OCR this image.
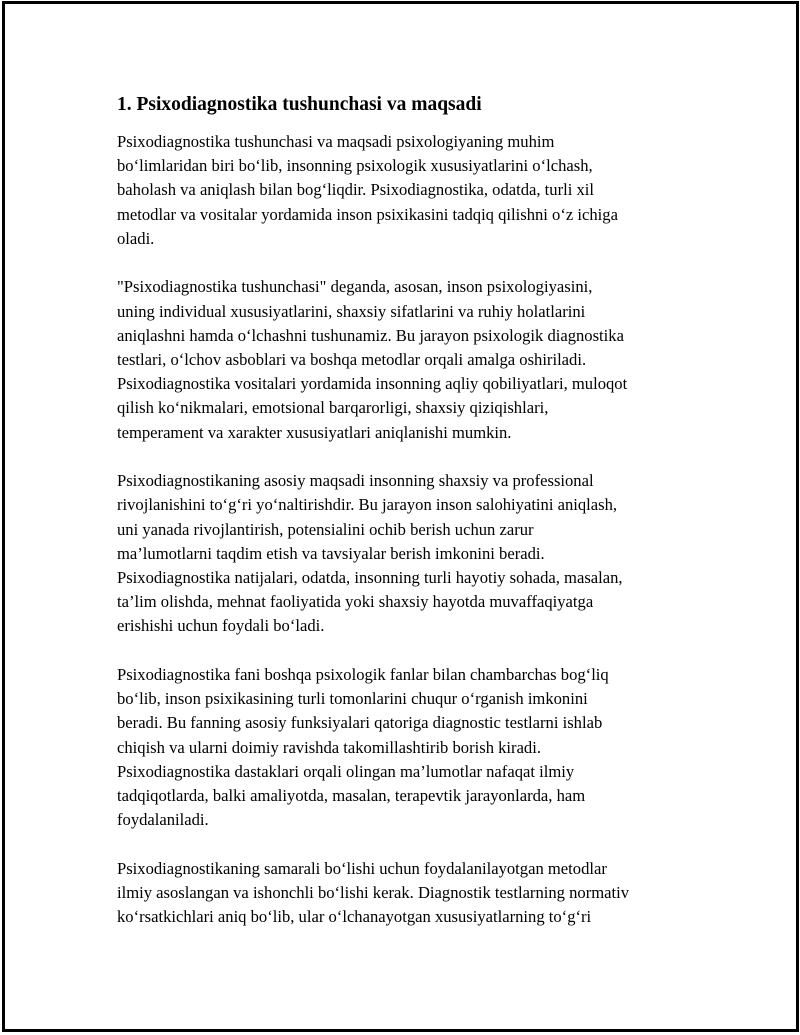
1. Psixodiagnostika tushunchasi va maqsadi
Psixodiagnostika tushunchasi va maqsadi psixologiyaning muhim
bo‘limlaridan biri bo‘lib, insonning psixologik xususiyatlarini o‘lchash,
baholash va aniqlash bilan bog‘liqdir. Psixodiagnostika, odatda, turli xil
metodlar va vositalar yordamida inson psixikasini tadqiq qilishni o‘z ichiga
oladi.
"Psixodiagnostika tushunchasi" deganda, asosan, inson psixologiyasini,
uning individual xususiyatlarini, shaxsiy sifatlarini va ruhiy holatlarini
aniqlashni hamda o‘lchashni tushunamiz. Bu jarayon psixologik diagnostika
testlari, o‘lchov asboblari va boshqa metodlar orqali amalga oshiriladi.
Psixodiagnostika vositalari yordamida insonning aqliy qobiliyatlari, muloqot
qilish ko‘nikmalari, emotsional barqarorligi, shaxsiy qiziqishlari,
temperament va xarakter xususiyatlari aniqlanishi mumkin.
Psixodiagnostikaning asosiy maqsadi insonning shaxsiy va professional
rivojlanishini to‘g‘ri yo‘naltirishdir. Bu jarayon inson salohiyatini aniqlash,
uni yanada rivojlantirish, potensialini ochib berish uchun zarur
ma’lumotlarni taqdim etish va tavsiyalar berish imkonini beradi.
Psixodiagnostika natijalari, odatda, insonning turli hayotiy sohada, masalan,
ta’lim olishda, mehnat faoliyatida yoki shaxsiy hayotda muvaffaqiyatga
erishishi uchun foydali bo‘ladi.
Psixodiagnostika fani boshqa psixologik fanlar bilan chambarchas bog‘liq
bo‘lib, inson psixikasining turli tomonlarini chuqur o‘rganish imkonini
beradi. Bu fanning asosiy funksiyalari qatoriga diagnostic testlarni ishlab
chiqish va ularni doimiy ravishda takomillashtirib borish kiradi.
Psixodiagnostika dastaklari orqali olingan ma’lumotlar nafaqat ilmiy
tadqiqotlarda, balki amaliyotda, masalan, terapevtik jarayonlarda, ham
foydalaniladi.
Psixodiagnostikaning samarali bo‘lishi uchun foydalanilayotgan metodlar
ilmiy asoslangan va ishonchli bo‘lishi kerak. Diagnostik testlarning normativ
ko‘rsatkichlari aniq bo‘lib, ular o‘lchanayotgan xususiyatlarning to‘g‘ri
